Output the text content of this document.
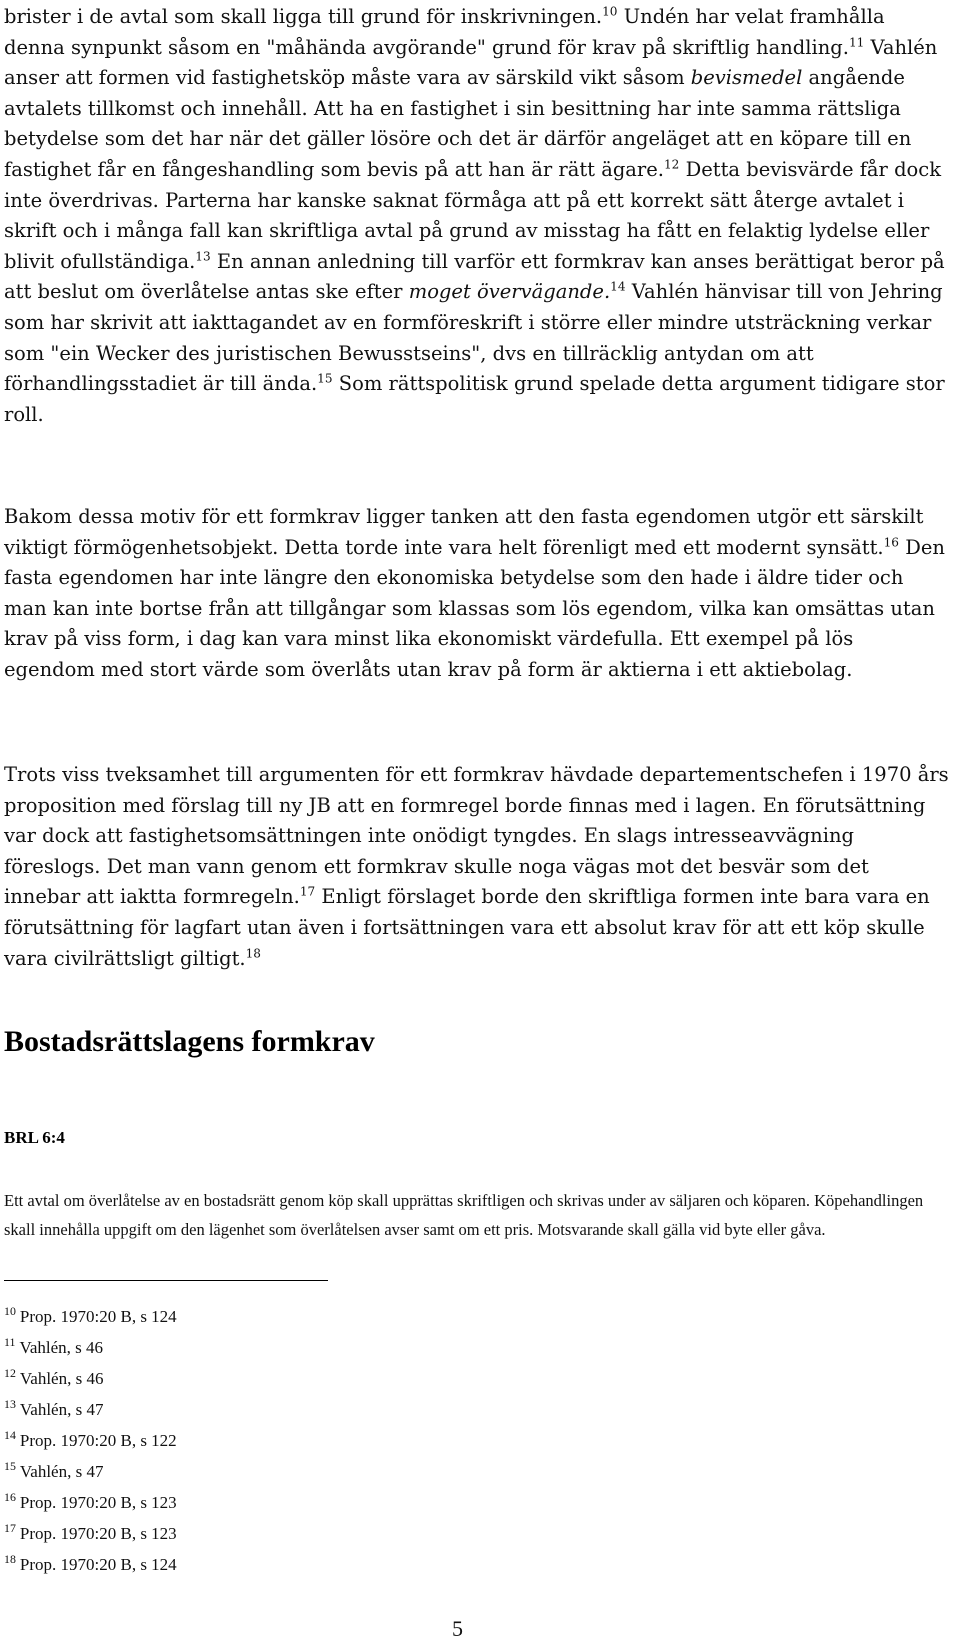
brister i de avtal som skall ligga till grund för inskrivningen.$^{10}$ Undén har velat framhålla denna synpunkt såsom en "måhända avgörande" grund för krav på skriftlig handling.$^{11}$ Vahlén anser att formen vid fastighetsköp måste vara av särskild vikt såsom bevismedel angående avtalets tillkomst och innehåll. Att ha en fastighet i sin besittning har inte samma rättsliga betydelse som det har när det gäller lösöre och det är därför angeläget att en köpare till en fastighet får en fångeshandling som bevis på att han är rätt ägare.$^{12}$ Detta bevisvärde får dock inte överdrivas. Parterna har kanske saknat förmåga att på ett korrekt sätt återge avtalet i skrift och i många fall kan skriftliga avtal på grund av misstag ha fått en felaktig lydelse eller blivit ofullständiga.$^{13}$ En annan anledning till varför ett formkrav kan anses berättigat beror på att beslut om överlåtelse antas ske efter moget övervägande.$^{14}$ Vahlén hänvisar till von Jehring som har skrivit att iakttagandet av en formföreskrift i större eller mindre utsträckning verkar som "ein Wecker des juristischen Bewusstseins", dvs en tillräcklig antydan om att förhandlingsstadiet är till ända.$^{15}$ Som rättspolitisk grund spelade detta argument tidigare stor roll.

Bakom dessa motiv för ett formkrav ligger tanken att den fasta egendomen utgör ett särskilt viktigt förmögenhetsobjekt. Detta torde inte vara helt förenligt med ett modernt synsätt.$^{16}$ Den fasta egendomen har inte längre den ekonomiska betydelse som den hade i äldre tider och man kan inte bortse från att tillgångar som klassas som lös egendom, vilka kan omsättas utan krav på viss form, i dag kan vara minst lika ekonomiskt värdefulla. Ett exempel på lös egendom med stort värde som överlåts utan krav på form är aktierna i ett aktiebolag.

Trots viss tveksamhet till argumenten för ett formkrav hävdade departementschefen i 1970 års proposition med förslag till ny JB att en formregel borde finnas med i lagen. En förutsättning var dock att fastighetsomsättningen inte onödigt tyngdes. En slags intresseavvägning föreslogs. Det man vann genom ett formkrav skulle noga vägas mot det besvär som det innebar att iaktta formregeln.$^{17}$ Enligt förslaget borde den skriftliga formen inte bara vara en förutsättning för lagfart utan även i fortsättningen vara ett absolut krav för att ett köp skulle vara civilrättsligt giltigt.$^{18}$

Bostadsrättslagens formkrav
BRL 6:4

Ett avtal om överlåtelse av en bostadsrätt genom köp skall upprättas skriftligen och skrivas under av säljaren och köparen. Köpehandlingen skall innehålla uppgift om den lägenhet som överlåtelsen avser samt om ett pris. Motsvarande skall gälla vid byte eller gåva.

$^{10}$ Prop. 1970:20 B, s 124
$^{11}$ Vahlén, s 46
$^{12}$ Vahlén, s 46
$^{13}$ Vahlén, s 47
$^{14}$ Prop. 1970:20 B, s 122
$^{15}$ Vahlén, s 47
$^{16}$ Prop. 1970:20 B, s 123
$^{17}$ Prop. 1970:20 B, s 123
$^{18}$ Prop. 1970:20 B, s 124
5
